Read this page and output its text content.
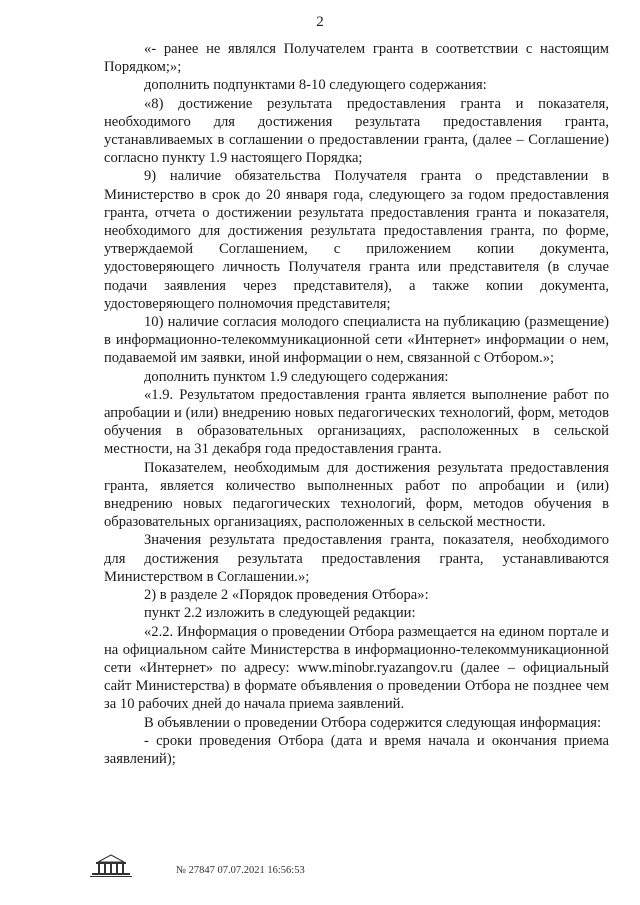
2

«- ранее не являлся Получателем гранта в соответствии с настоящим Порядком;»;

дополнить подпунктами 8-10 следующего содержания:

«8) достижение результата предоставления гранта и показателя, необходимого для достижения результата предоставления гранта, устанавливаемых в соглашении о предоставлении гранта, (далее – Соглашение) согласно пункту 1.9 настоящего Порядка;

9) наличие обязательства Получателя гранта о представлении в Министерство в срок до 20 января года, следующего за годом предоставления гранта, отчета о достижении результата предоставления гранта и показателя, необходимого для достижения результата предоставления гранта, по форме, утверждаемой Соглашением, с приложением копии документа, удостоверяющего личность Получателя гранта или представителя (в случае подачи заявления через представителя), а также копии документа, удостоверяющего полномочия представителя;

10) наличие согласия молодого специалиста на публикацию (размещение) в информационно-телекоммуникационной сети «Интернет» информации о нем, подаваемой им заявки, иной информации о нем, связанной с Отбором.»;

дополнить пунктом 1.9 следующего содержания:

«1.9. Результатом предоставления гранта является выполнение работ по апробации и (или) внедрению новых педагогических технологий, форм, методов обучения в образовательных организациях, расположенных в сельской местности, на 31 декабря года предоставления гранта.

Показателем, необходимым для достижения результата предоставления гранта, является количество выполненных работ по апробации и (или) внедрению новых педагогических технологий, форм, методов обучения в образовательных организациях, расположенных в сельской местности.

Значения результата предоставления гранта, показателя, необходимого для достижения результата предоставления гранта, устанавливаются Министерством в Соглашении.»;

2) в разделе 2 «Порядок проведения Отбора»:

пункт 2.2 изложить в следующей редакции:

«2.2. Информация о проведении Отбора размещается на едином портале и на официальном сайте Министерства в информационно-телекоммуникационной сети «Интернет» по адресу: www.minobr.ryazangov.ru (далее – официальный сайт Министерства) в формате объявления о проведении Отбора не позднее чем за 10 рабочих дней до начала приема заявлений.

В объявлении о проведении Отбора содержится следующая информация:

- сроки проведения Отбора (дата и время начала и окончания приема заявлений);

№ 27847 07.07.2021 16:56:53
